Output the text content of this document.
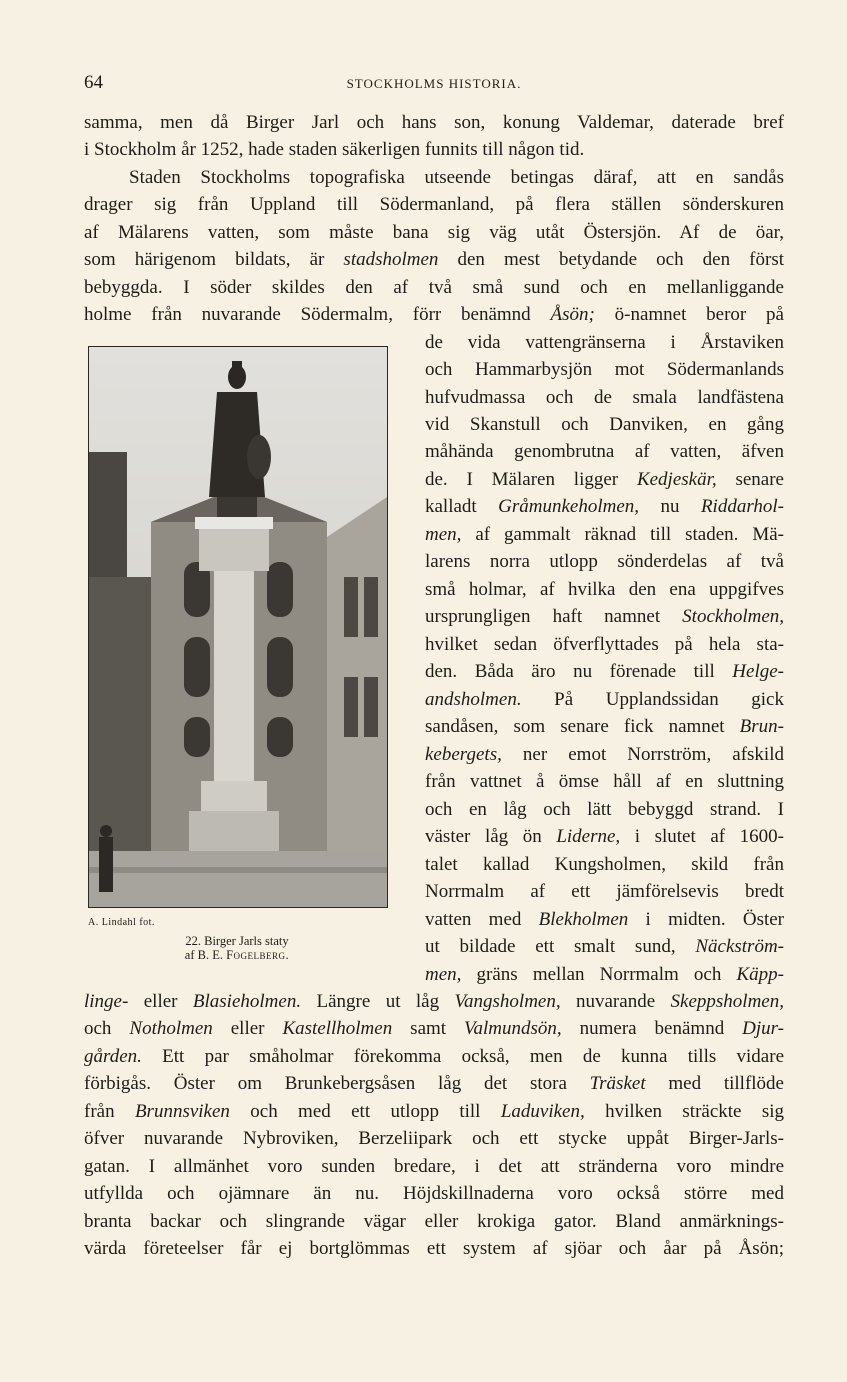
64	STOCKHOLMS HISTORIA.
samma, men då Birger Jarl och hans son, konung Valdemar, daterade bref
i Stockholm år 1252, hade staden säkerligen funnits till någon tid.
Staden Stockholms topografiska utseende betingas däraf, att en sandås
drager sig från Uppland till Södermanland, på flera ställen sönderskuren
af Mälarens vatten, som måste bana sig väg utåt Östersjön. Af de öar,
som härigenom bildats, är stadsholmen den mest betydande och den först
bebyggda. I söder skildes den af två små sund och en mellanliggande
holme från nuvarande Södermalm, förr benämnd Åsön; ö-namnet beror på
A. Lindahl fot.
22. Birger Jarls staty
af B. E. Fogelberg.
de vida vattengränserna i Årstaviken
och Hammarbysjön mot Södermanlands
hufvudmassa och de smala landfästena
vid Skanstull och Danviken, en gång
måhända genombrutna af vatten, äfven
de. I Mälaren ligger Kedjeskär, senare
kalladt Gråmunkeholmen, nu Riddarhol-
men, af gammalt räknad till staden. Mä-
larens norra utlopp sönderdelas af två
små holmar, af hvilka den ena uppgifves
ursprungligen haft namnet Stockholmen,
hvilket sedan öfverflyttades på hela sta-
den. Båda äro nu förenade till Helge-
andsholmen. På Upplandssidan gick
sandåsen, som senare fick namnet Brun-
kebergets, ner emot Norrström, afskild
från vattnet å ömse håll af en sluttning
och en låg och lätt bebyggd strand. I
väster låg ön Liderne, i slutet af 1600-
talet kallad Kungsholmen, skild från
Norrmalm af ett jämförelsevis bredt
vatten med Blekholmen i midten. Öster
ut bildade ett smalt sund, Näckström-
men, gräns mellan Norrmalm och Käpp-
linge- eller Blasieholmen. Längre ut låg Vangsholmen, nuvarande Skeppsholmen,
och Notholmen eller Kastellholmen samt Valmundsön, numera benämnd Djur-
gården. Ett par småholmar förekomma också, men de kunna tills vidare
förbigås. Öster om Brunkebergsåsen låg det stora Träsket med tillflöde
från Brunnsviken och med ett utlopp till Laduviken, hvilken sträckte sig
öfver nuvarande Nybroviken, Berzeliipark och ett stycke uppåt Birger-Jarls-
gatan. I allmänhet voro sunden bredare, i det att stränderna voro mindre
utfyllda och ojämnare än nu. Höjdskillnaderna voro också större med
branta backar och slingrande vägar eller krokiga gator. Bland anmärknings-
värda företeelser får ej bortglömmas ett system af sjöar och åar på Åsön;
